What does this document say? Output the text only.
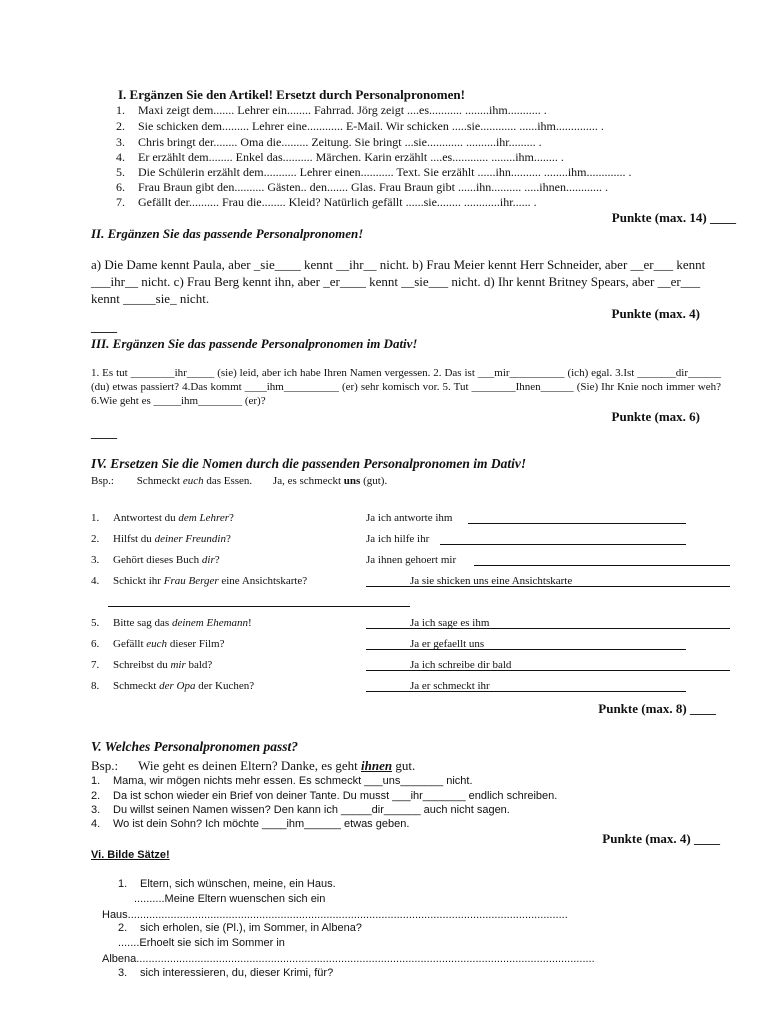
I. Ergänzen Sie den Artikel! Ersetzt durch Personalpronomen!
1. Maxi zeigt dem....... Lehrer ein........ Fahrrad. Jörg zeigt ....es........... ........ihm........... .
2. Sie schicken dem......... Lehrer eine............ E-Mail. Wir schicken .....sie............ ......ihm.............. .
3. Chris bringt der........ Oma die......... Zeitung. Sie bringt ...sie............ ..........ihr......... .
4. Er erzählt dem........ Enkel das.......... Märchen. Karin erzählt ....es............ ........ihm........ .
5. Die Schülerin erzählt dem........... Lehrer einen........... Text. Sie erzählt ......ihn.......... ........ihm............. .
6. Frau Braun gibt den.......... Gästen.. den....... Glas. Frau Braun gibt ......ihn.......... .....ihnen............ .
7. Gefällt der.......... Frau die........ Kleid? Natürlich gefällt ......sie........ ............ihr...... .
Punkte (max. 14) ____
II. Ergänzen Sie das passende Personalpronomen!
a) Die Dame kennt Paula, aber _sie____ kennt __ihr__ nicht. b) Frau Meier kennt Herr Schneider, aber __er___ kennt ___ihr__ nicht. c) Frau Berg kennt ihn, aber _er____ kennt __sie___ nicht. d) Ihr kennt Britney Spears, aber __er___ kennt _____sie_ nicht.
Punkte (max. 4)
____
III. Ergänzen Sie das passende Personalpronomen im Dativ!
1. Es tut ________ihr_____ (sie) leid, aber ich habe Ihren Namen vergessen. 2. Das ist ___mir__________ (ich) egal. 3.Ist _______dir______ (du) etwas passiert? 4.Das kommt ____ihm__________ (er) sehr komisch vor. 5. Tut ________Ihnen______ (Sie) Ihr Knie noch immer weh? 6.Wie geht es _____ihm________ (er)?
Punkte (max. 6)
____
IV. Ersetzen Sie die Nomen durch die passenden Personalpronomen im Dativ!
Bsp.: Schmeckt euch das Essen. Ja, es schmeckt uns (gut).
1. Antwortest du dem Lehrer?	Ja ich antworte ihm
2. Hilfst du deiner Freundin?	Ja ich hilfe ihr
3. Gehört dieses Buch dir?	Ja ihnen gehoert mir
4. Schickt ihr Frau Berger eine Ansichtskarte?	Ja sie shicken uns eine Ansichtskarte
5. Bitte sag das deinem Ehemann!	Ja ich sage es ihm
6. Gefällt euch dieser Film?	Ja er gefaellt uns
7. Schreibst du mir bald?	Ja ich schreibe dir bald
8. Schmeckt der Opa der Kuchen?	Ja er schmeckt ihr
Punkte (max. 8) ____
V. Welches Personalpronomen passt?
Bsp.: Wie geht es deinen Eltern? Danke, es geht ihnen gut.
1. Mama, wir mögen nichts mehr essen. Es schmeckt ___uns_______ nicht.
2. Da ist schon wieder ein Brief von deiner Tante. Du musst ___ihr_______ endlich schreiben.
3. Du willst seinen Namen wissen? Den kann ich _____dir______ auch nicht sagen.
4. Wo ist dein Sohn? Ich möchte ____ihm______ etwas geben.
Punkte (max. 4) ____
Vi. Bilde Sätze!
1. Eltern, sich wünschen, meine, ein Haus.
..........Meine Eltern wuenschen sich ein
Haus................................................................................................................................................
2. sich erholen, sie (Pl.), im Sommer, in Albena?
.......Erhoelt sie sich im Sommer in
Albena......................................................................................................................................................
3. sich interessieren, du, dieser Krimi, für?
